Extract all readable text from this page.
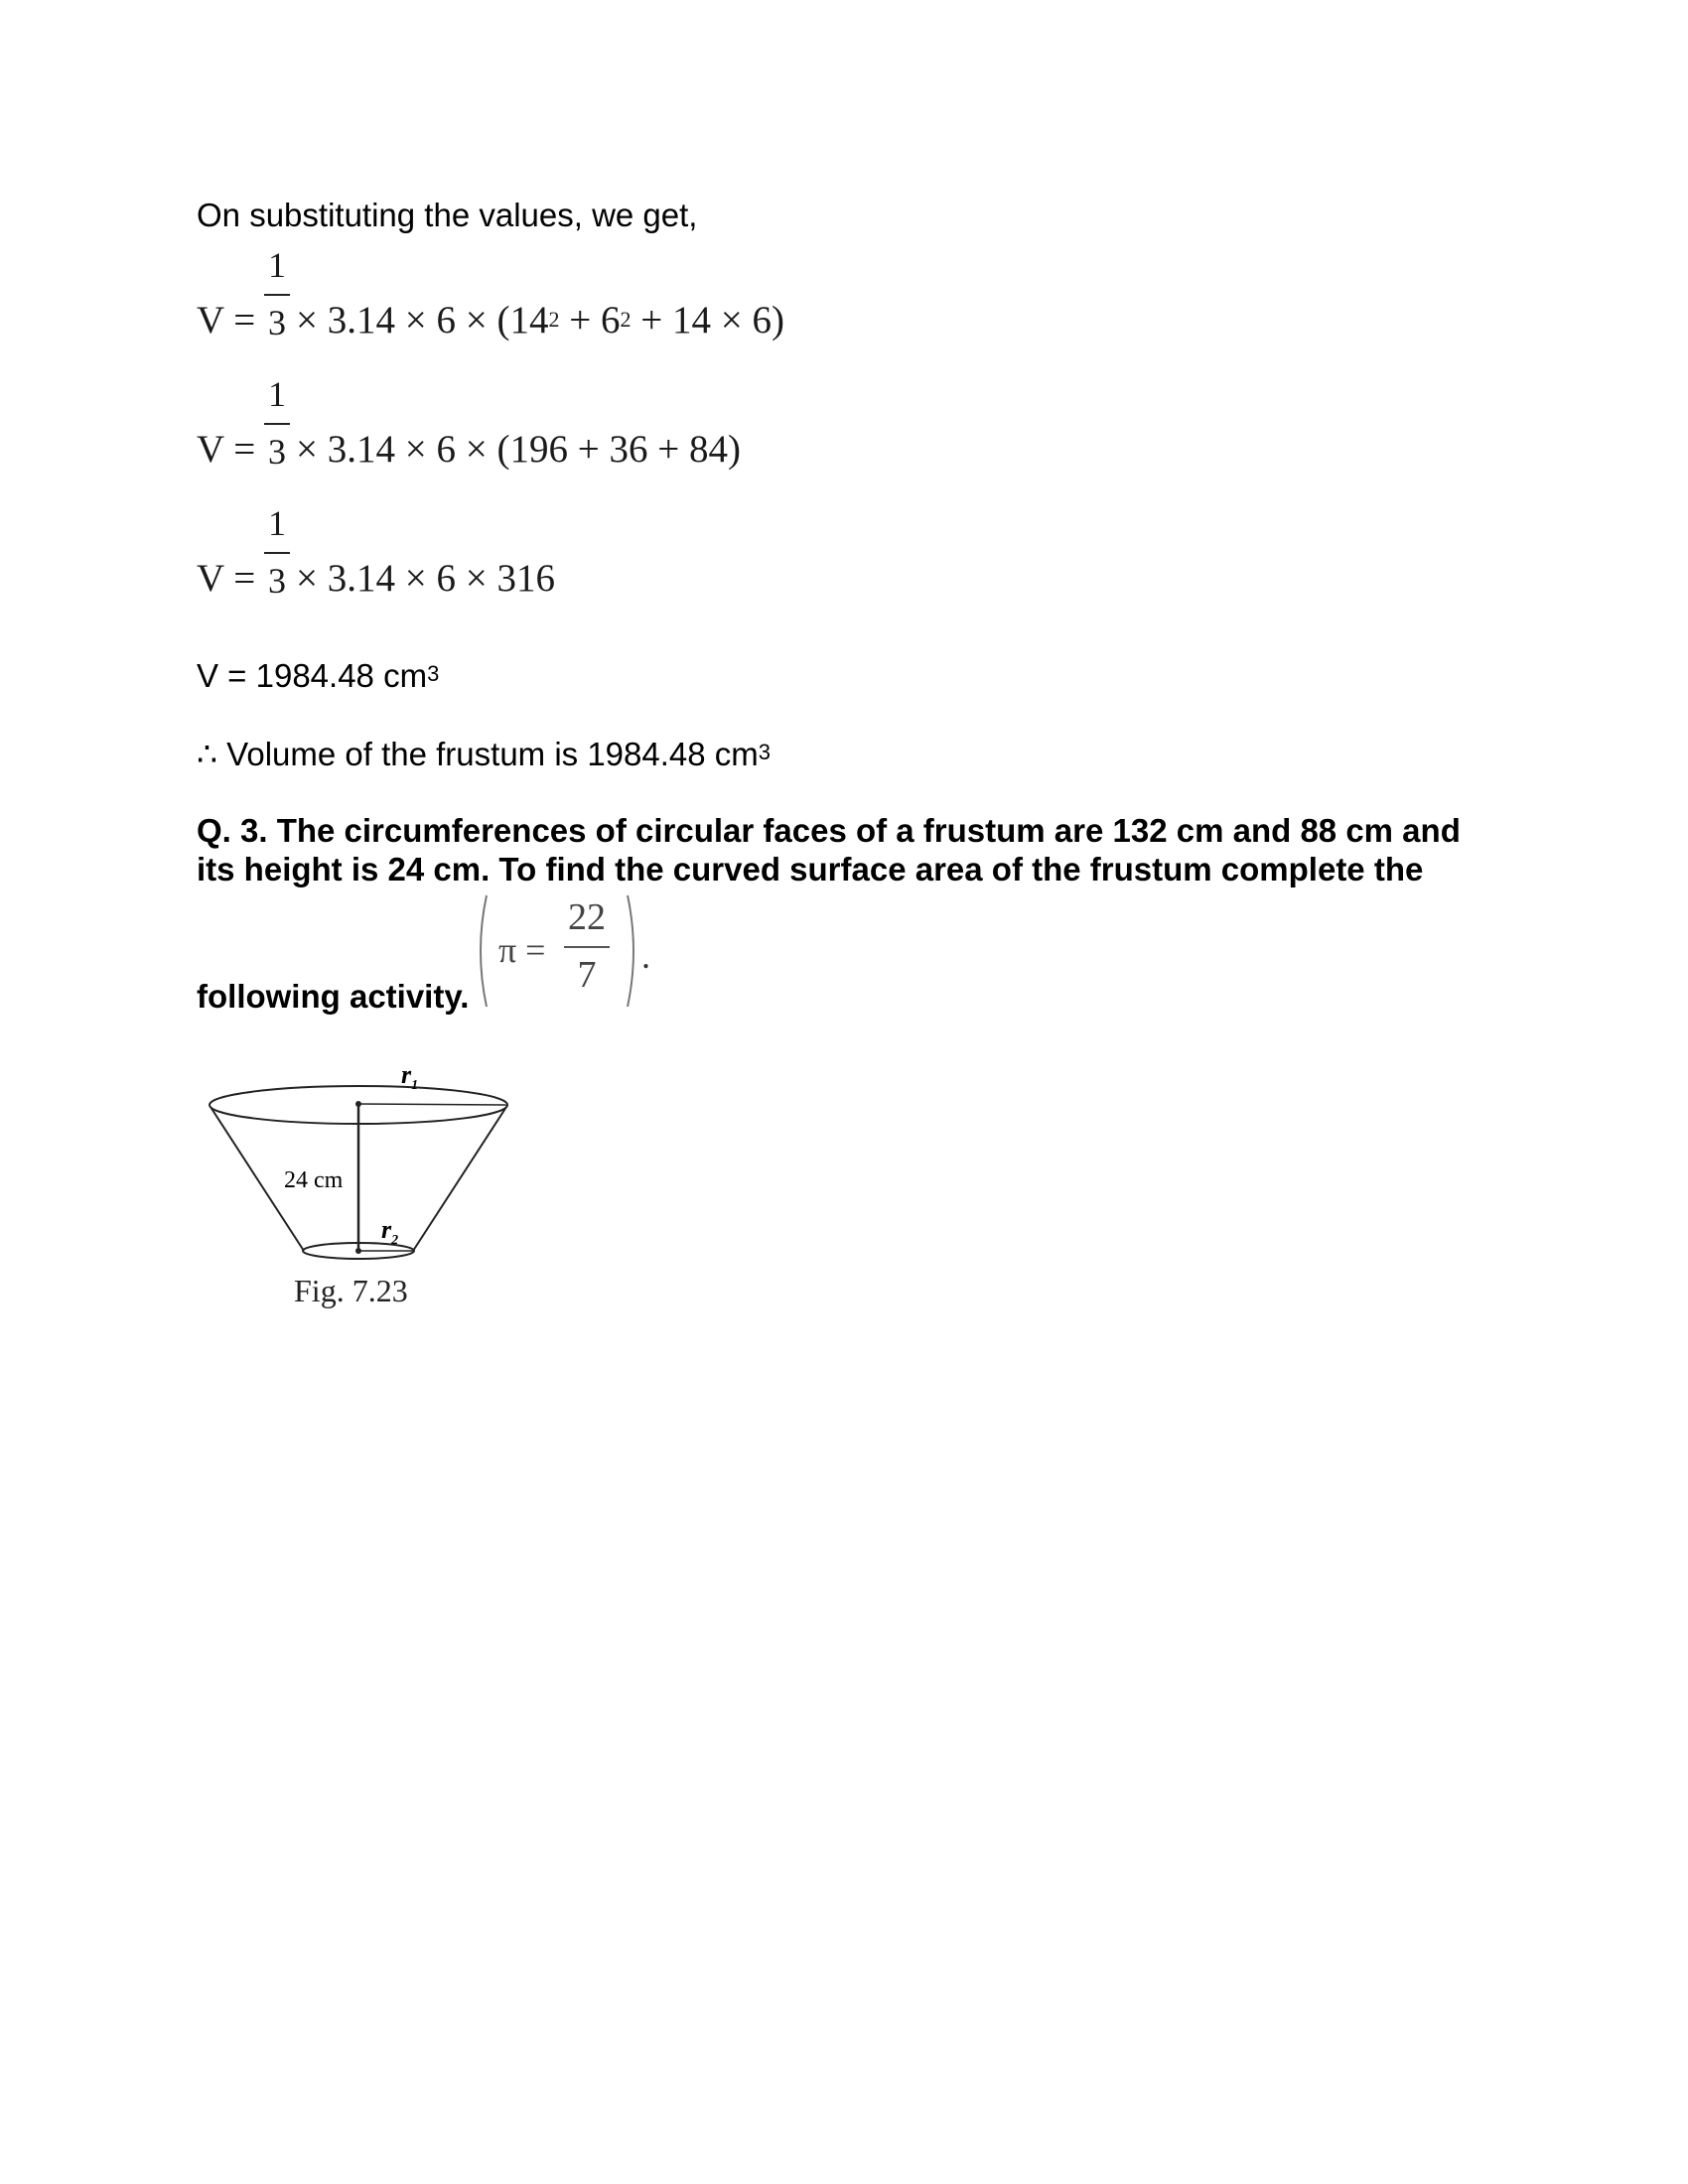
On substituting the values, we get,
V =
1
$3 \times 3.14 \times 6 \times (14^2 + 6^2 + 14 \times 6)$
V =
1
3 × 3.14 × 6 × (196 + 36 + 84)
V =
1
3 × 3.14 × 6 × 316
V = 1984.48 $cm^3$
∴ Volume of the frustum is 1984.48 $cm^3$
Q. 3. The circumferences of circular faces of a frustum are 132 cm and 88 cm and
its height is 24 cm. To find the curved surface area of the frustum complete the
following activity.
π =
22
7	.
$r_1$
24 cm
$r_2$
Fig. 7.23
